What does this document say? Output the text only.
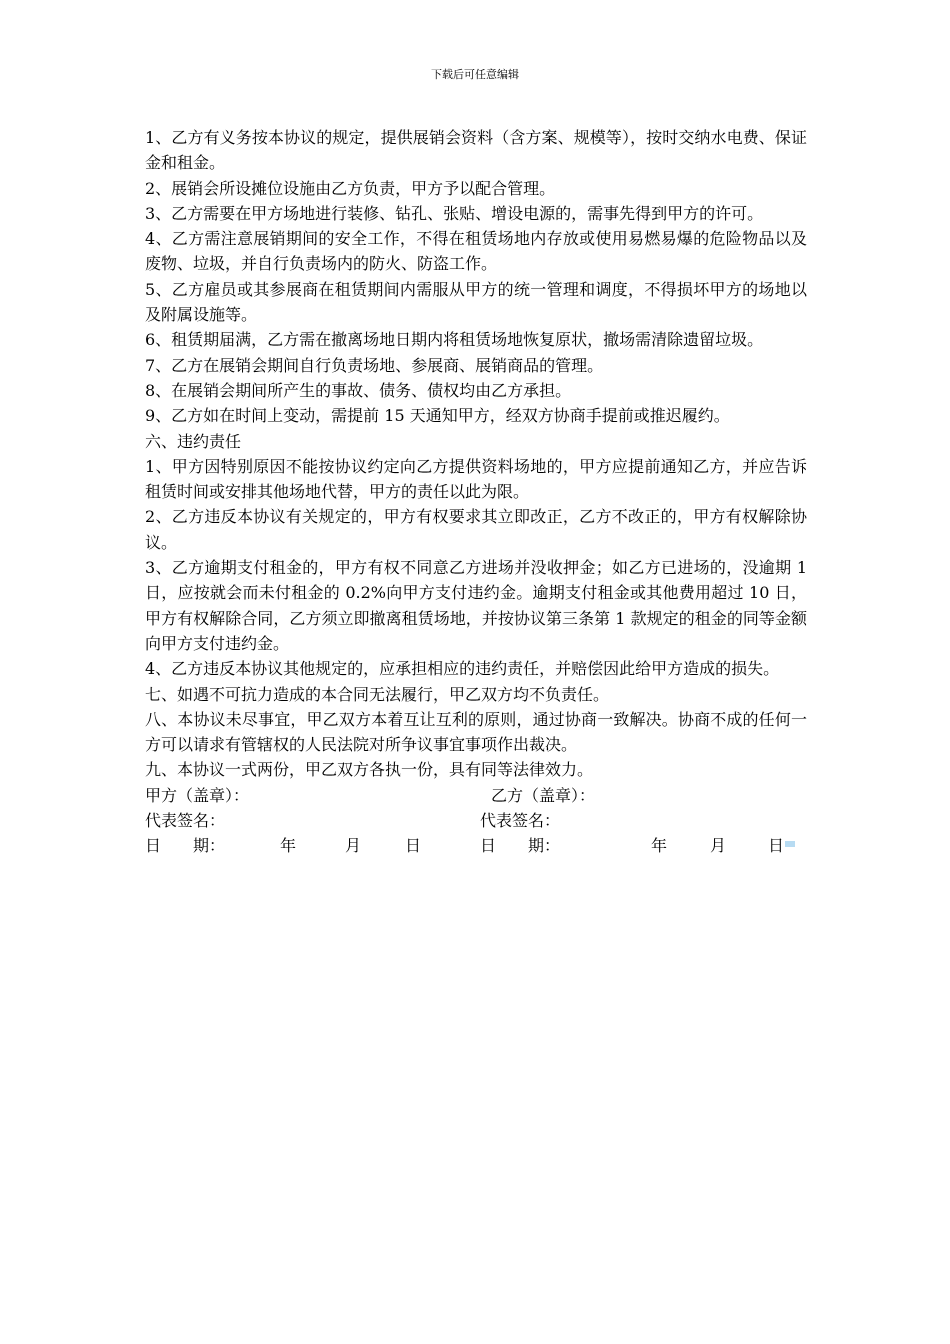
下载后可任意编辑

1、乙方有义务按本协议的规定，提供展销会资料（含方案、规模等），按时交纳水电费、保证金和租金。

2、展销会所设摊位设施由乙方负责，甲方予以配合管理。

3、乙方需要在甲方场地进行装修、钻孔、张贴、增设电源的，需事先得到甲方的许可。

4、乙方需注意展销期间的安全工作，不得在租赁场地内存放或使用易燃易爆的危险物品以及废物、垃圾，并自行负责场内的防火、防盗工作。

5、乙方雇员或其参展商在租赁期间内需服从甲方的统一管理和调度，不得损坏甲方的场地以及附属设施等。

6、租赁期届满，乙方需在撤离场地日期内将租赁场地恢复原状，撤场需清除遗留垃圾。

7、乙方在展销会期间自行负责场地、参展商、展销商品的管理。

8、在展销会期间所产生的事故、债务、债权均由乙方承担。

9、乙方如在时间上变动，需提前 15 天通知甲方，经双方协商手提前或推迟履约。

六、违约责任

1、甲方因特别原因不能按协议约定向乙方提供资料场地的，甲方应提前通知乙方，并应告诉租赁时间或安排其他场地代替，甲方的责任以此为限。

2、乙方违反本协议有关规定的，甲方有权要求其立即改正，乙方不改正的，甲方有权解除协议。

3、乙方逾期支付租金的，甲方有权不同意乙方进场并没收押金；如乙方已进场的，没逾期 1 日，应按就会而未付租金的 0.2%向甲方支付违约金。逾期支付租金或其他费用超过 10 日，甲方有权解除合同，乙方须立即撤离租赁场地，并按协议第三条第 1 款规定的租金的同等金额向甲方支付违约金。

4、乙方违反本协议其他规定的，应承担相应的违约责任，并赔偿因此给甲方造成的损失。

七、如遇不可抗力造成的本合同无法履行，甲乙双方均不负责任。

八、本协议未尽事宜，甲乙双方本着互让互利的原则，通过协商一致解决。协商不成的任何一方可以请求有管辖权的人民法院对所争议事宜事项作出裁决。

九、本协议一式两份，甲乙双方各执一份，具有同等法律效力。

甲方（盖章）：	乙方（盖章）：
代表签名：	代表签名：
日　　期：	年	月	日	日　　期：	年	月	日
